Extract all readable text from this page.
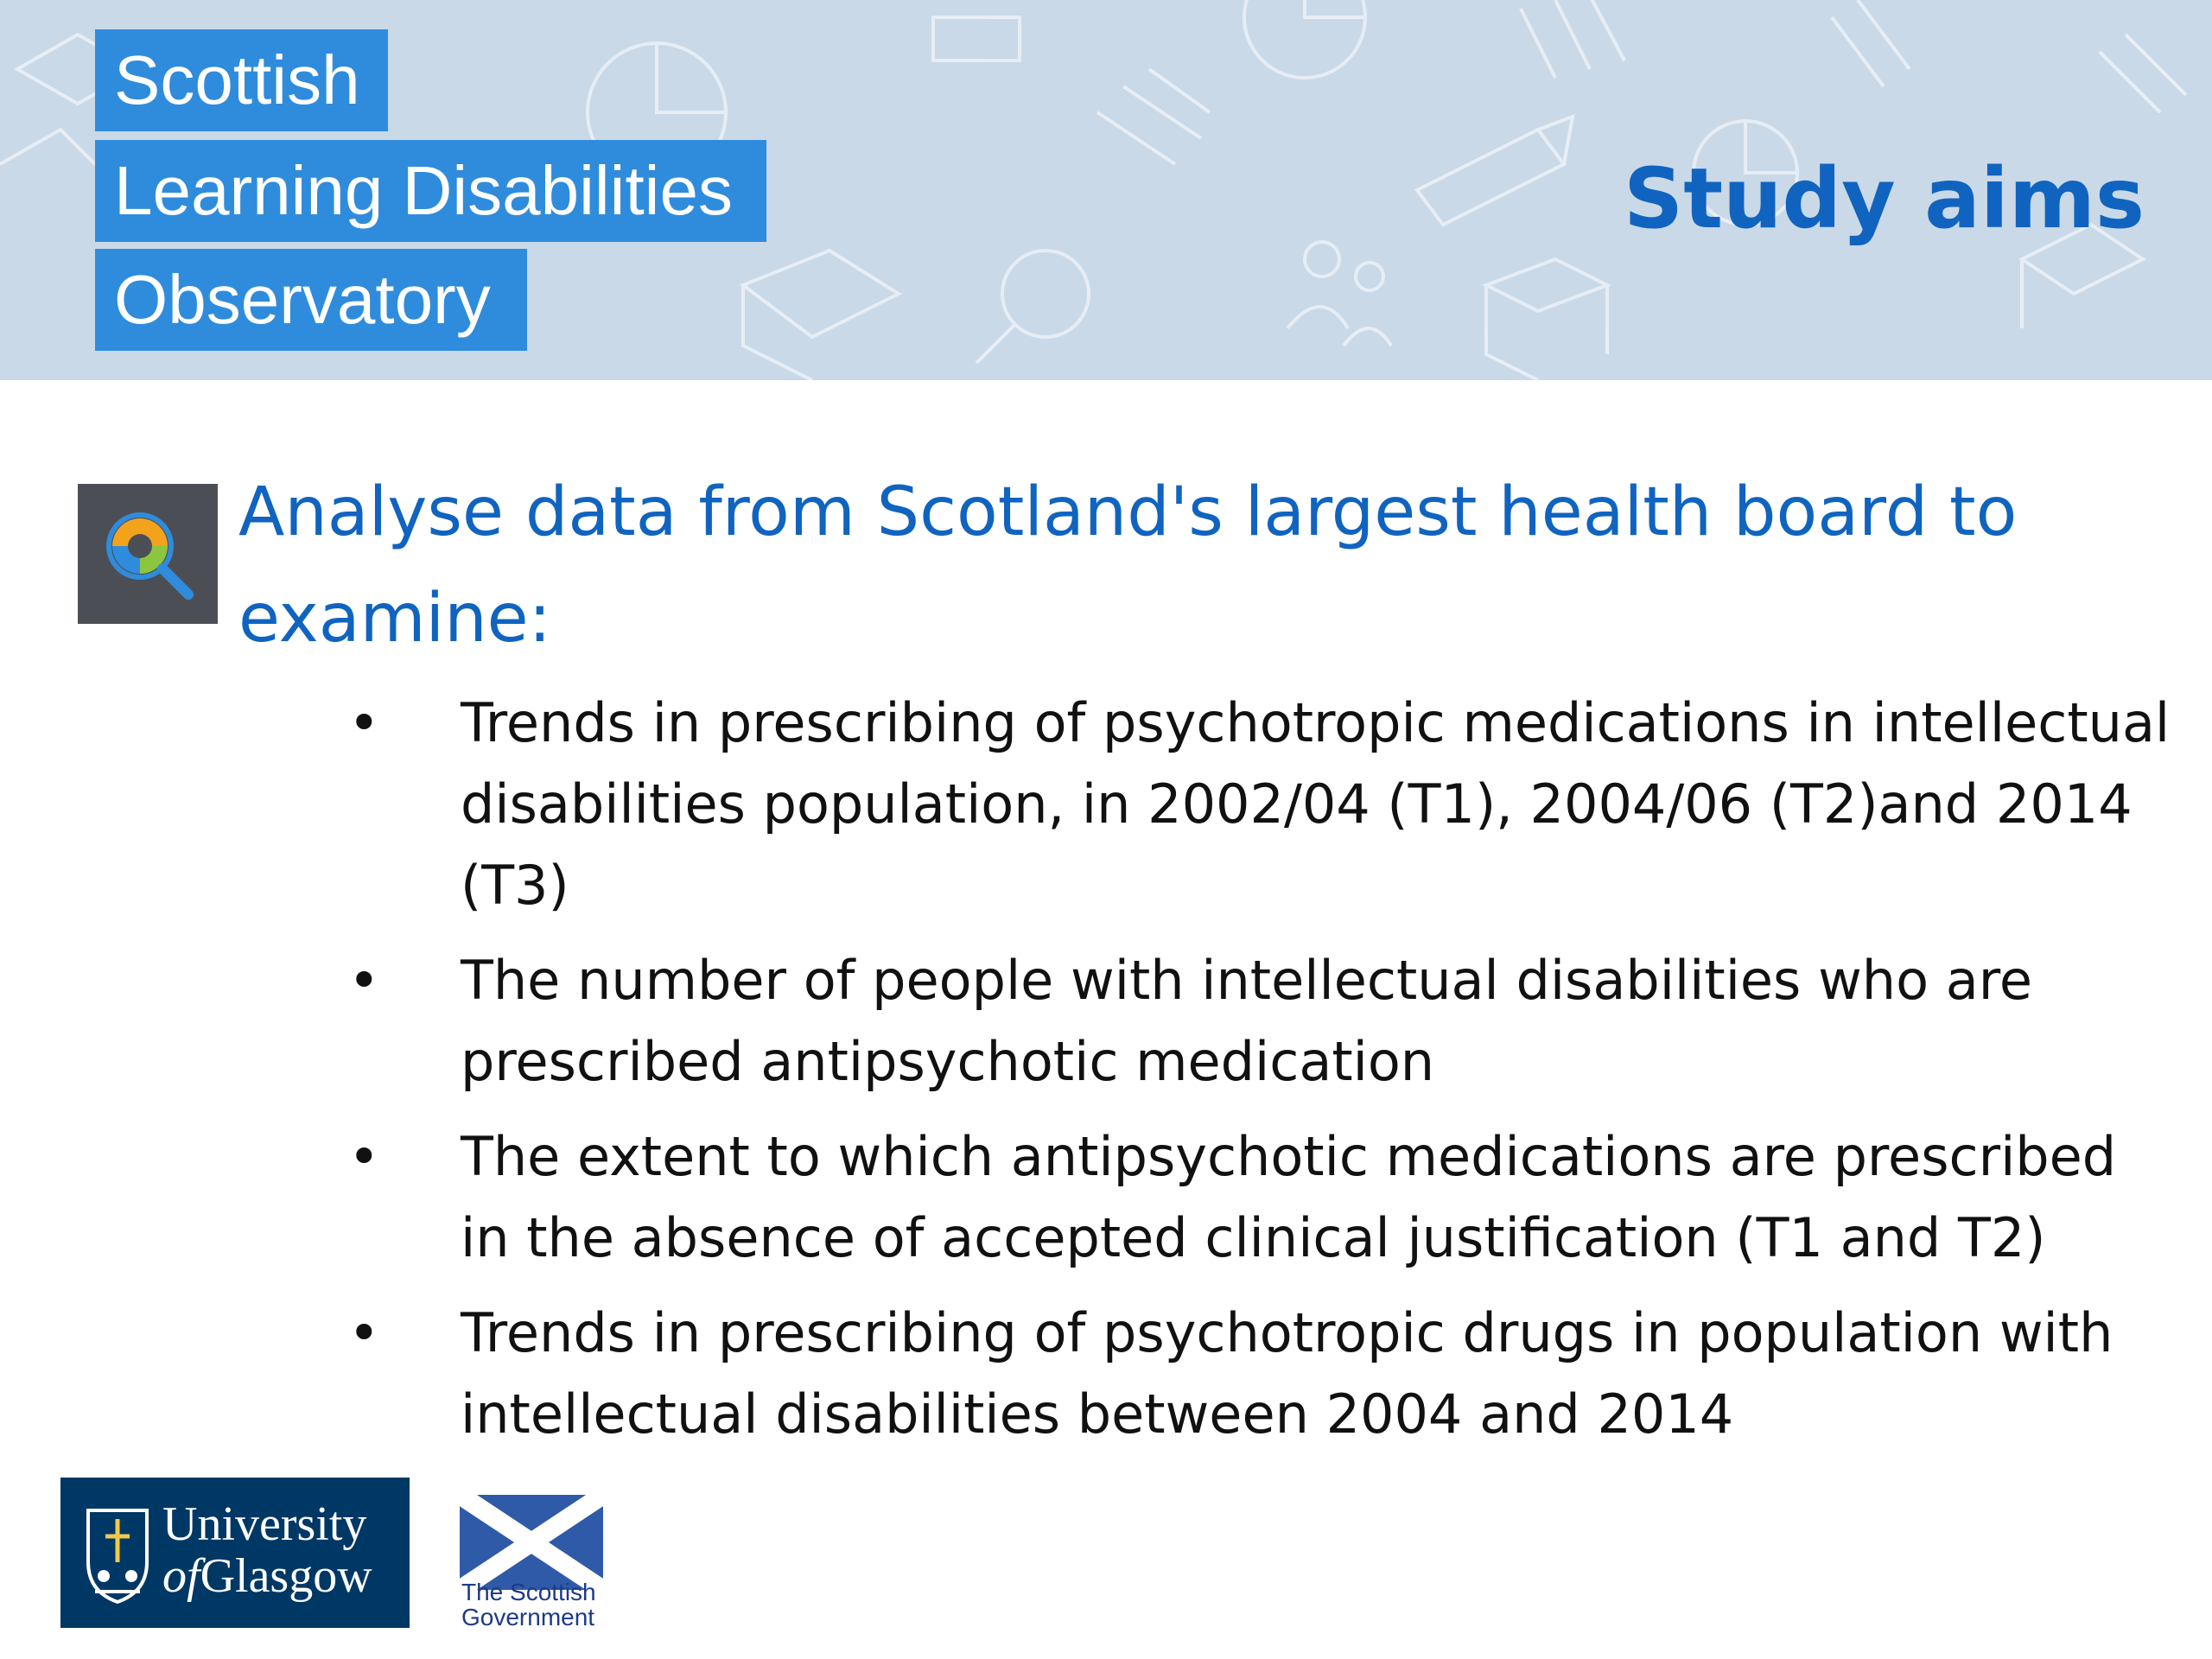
Scottish
Learning Disabilities
Observatory
Study aims
Analyse data from Scotland's largest health board to examine:
• Trends in prescribing of psychotropic medications in intellectual disabilities population, in 2002/04 (T1), 2004/06 (T2)and 2014 (T3)
• The number of people with intellectual disabilities who are prescribed antipsychotic medication
• The extent to which antipsychotic medications are prescribed in the absence of accepted clinical justification (T1 and T2)
• Trends in prescribing of psychotropic drugs in population with intellectual disabilities between 2004 and 2014
University
ofGlasgow	The Scottish
Government
